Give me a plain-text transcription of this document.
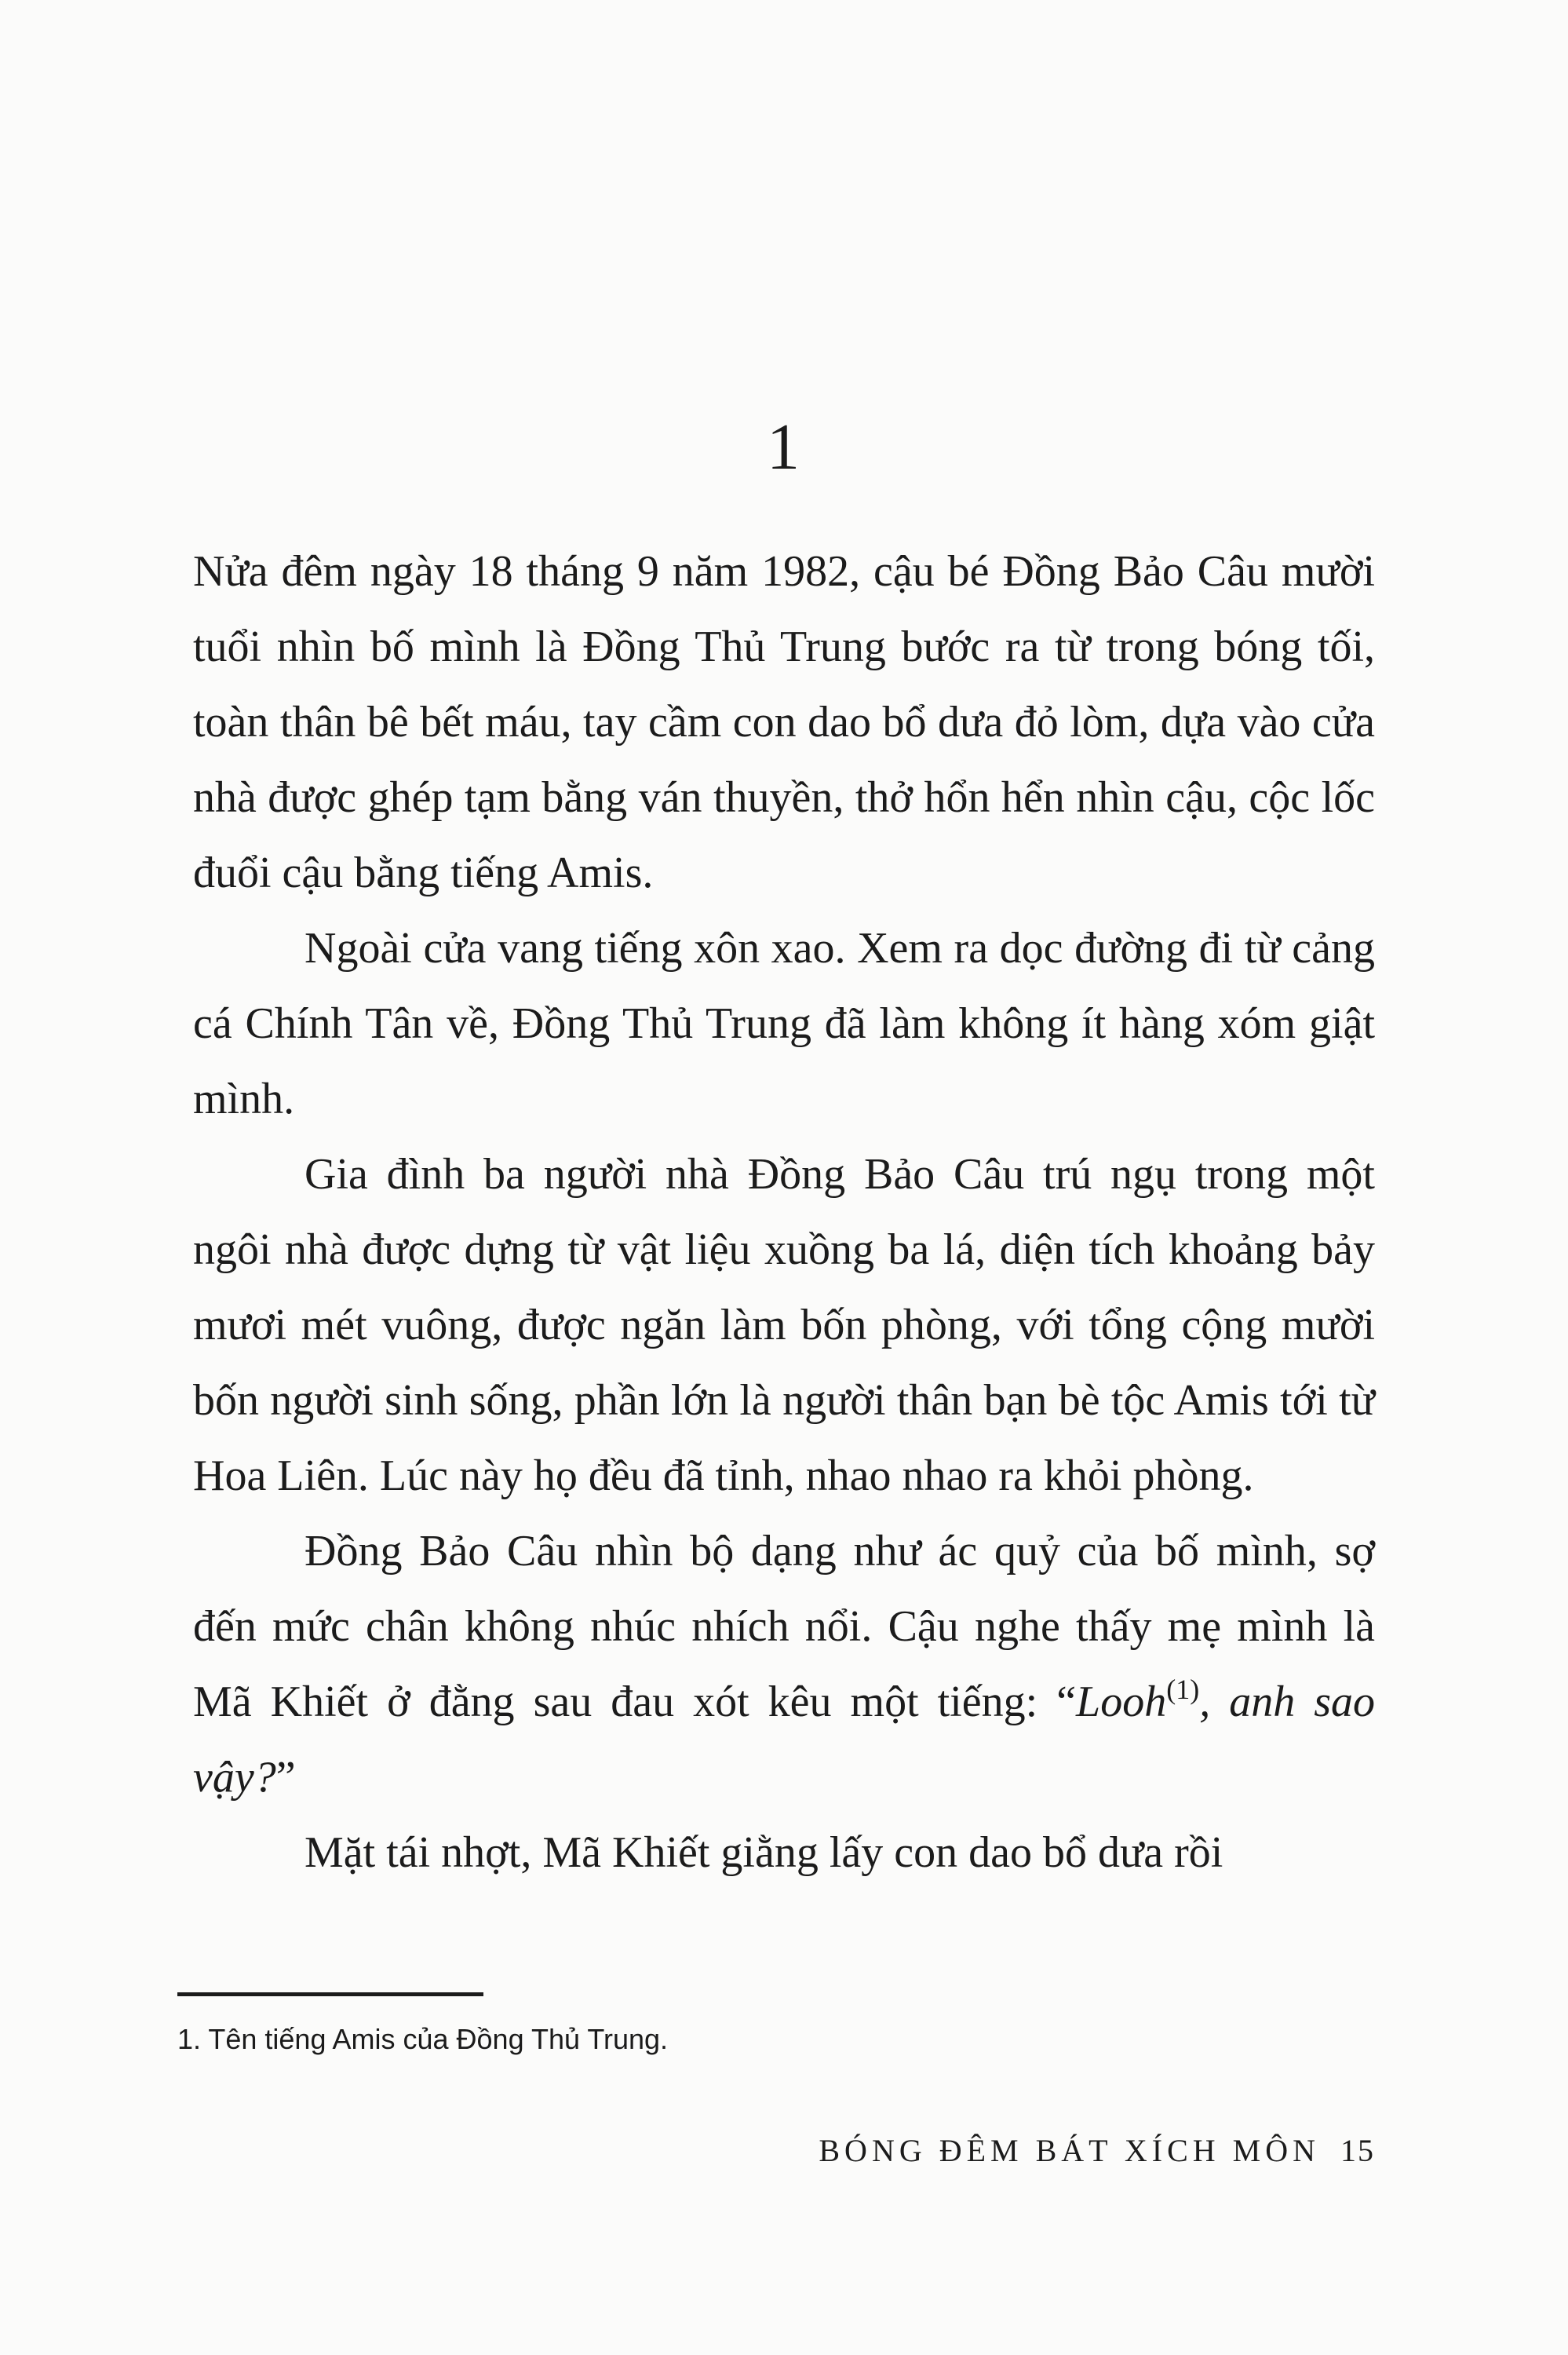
1

Nửa đêm ngày 18 tháng 9 năm 1982, cậu bé Đồng Bảo Câu mười tuổi nhìn bố mình là Đồng Thủ Trung bước ra từ trong bóng tối, toàn thân bê bết máu, tay cầm con dao bổ dưa đỏ lòm, dựa vào cửa nhà được ghép tạm bằng ván thuyền, thở hổn hển nhìn cậu, cộc lốc đuổi cậu bằng tiếng Amis.

Ngoài cửa vang tiếng xôn xao. Xem ra dọc đường đi từ cảng cá Chính Tân về, Đồng Thủ Trung đã làm không ít hàng xóm giật mình.

Gia đình ba người nhà Đồng Bảo Câu trú ngụ trong một ngôi nhà được dựng từ vật liệu xuồng ba lá, diện tích khoảng bảy mươi mét vuông, được ngăn làm bốn phòng, với tổng cộng mười bốn người sinh sống, phần lớn là người thân bạn bè tộc Amis tới từ Hoa Liên. Lúc này họ đều đã tỉnh, nhao nhao ra khỏi phòng.

Đồng Bảo Câu nhìn bộ dạng như ác quỷ của bố mình, sợ đến mức chân không nhúc nhích nổi. Cậu nghe thấy mẹ mình là Mã Khiết ở đằng sau đau xót kêu một tiếng: “Looh$^{(1)}$, anh sao vậy?”

Mặt tái nhợt, Mã Khiết giằng lấy con dao bổ dưa rồi

1. Tên tiếng Amis của Đồng Thủ Trung.
BÓNG ĐÊM BÁT XÍCH MÔN 15
